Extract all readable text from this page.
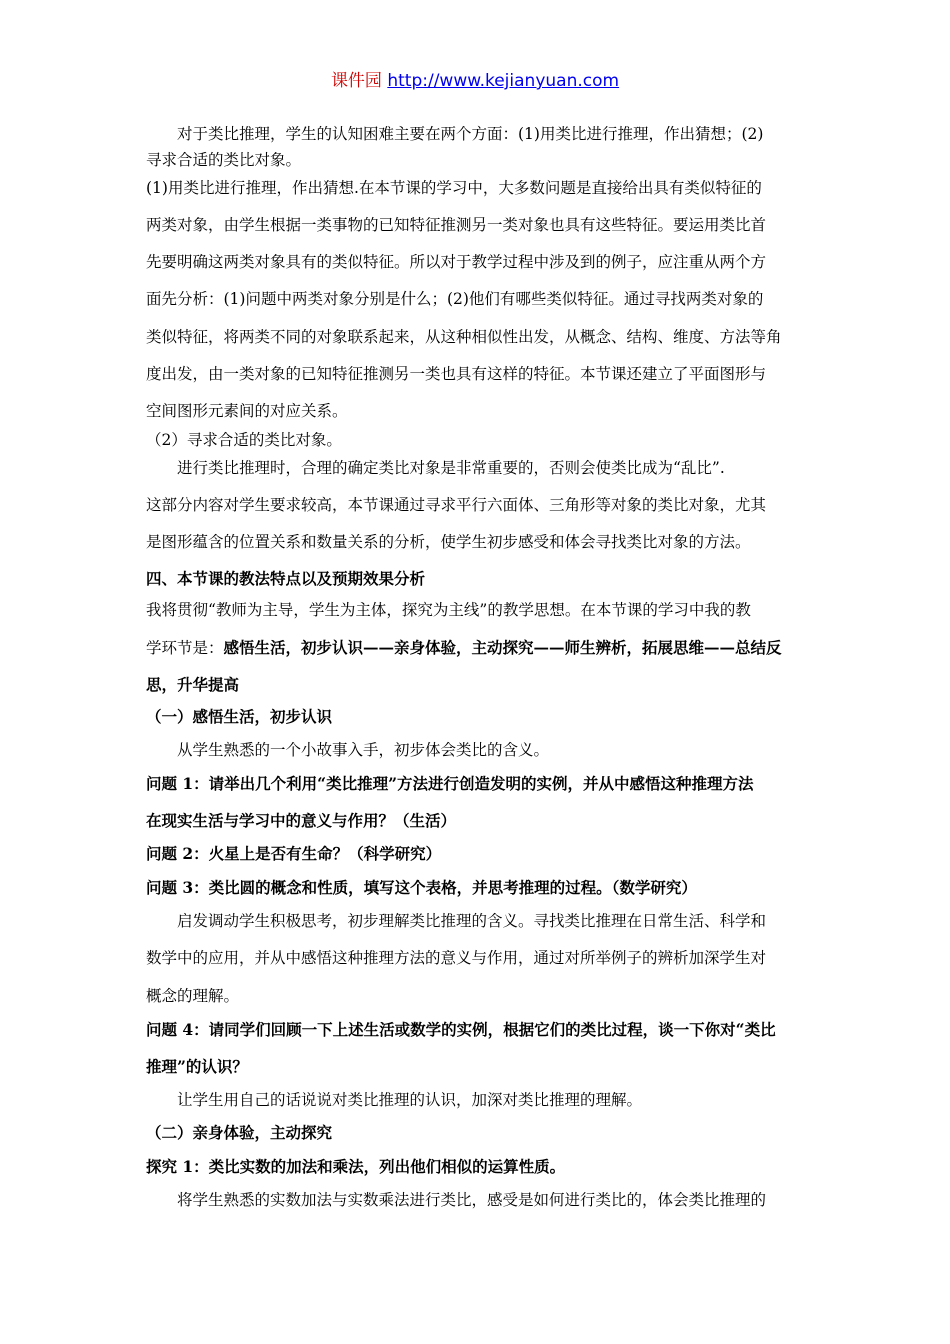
课件园 http://www.kejianyuan.com
　　对于类比推理，学生的认知困难主要在两个方面：(1)用类比进行推理，作出猜想；(2)
寻求合适的类比对象。
(1)用类比进行推理，作出猜想.在本节课的学习中，大多数问题是直接给出具有类似特征的
两类对象，由学生根据一类事物的已知特征推测另一类对象也具有这些特征。要运用类比首
先要明确这两类对象具有的类似特征。所以对于教学过程中涉及到的例子，应注重从两个方
面先分析：(1)问题中两类对象分别是什么；(2)他们有哪些类似特征。通过寻找两类对象的
类似特征，将两类不同的对象联系起来，从这种相似性出发，从概念、结构、维度、方法等角
度出发，由一类对象的已知特征推测另一类也具有这样的特征。本节课还建立了平面图形与
空间图形元素间的对应关系。
（2）寻求合适的类比对象。
　　进行类比推理时，合理的确定类比对象是非常重要的，否则会使类比成为“乱比”.
这部分内容对学生要求较高，本节课通过寻求平行六面体、三角形等对象的类比对象，尤其
是图形蕴含的位置关系和数量关系的分析，使学生初步感受和体会寻找类比对象的方法。
四、本节课的教法特点以及预期效果分析
我将贯彻“教师为主导，学生为主体，探究为主线”的教学思想。在本节课的学习中我的教
学环节是：感悟生活，初步认识——亲身体验，主动探究——师生辨析，拓展思维——总结反
思，升华提高
（一）感悟生活，初步认识
　　从学生熟悉的一个小故事入手，初步体会类比的含义。
问题 1：请举出几个利用“类比推理”方法进行创造发明的实例，并从中感悟这种推理方法
在现实生活与学习中的意义与作用？（生活）
问题 2：火星上是否有生命？（科学研究）
问题 3：类比圆的概念和性质，填写这个表格，并思考推理的过程。（数学研究）
　　启发调动学生积极思考，初步理解类比推理的含义。寻找类比推理在日常生活、科学和
数学中的应用，并从中感悟这种推理方法的意义与作用，通过对所举例子的辨析加深学生对
概念的理解。
问题 4：请同学们回顾一下上述生活或数学的实例，根据它们的类比过程，谈一下你对“类比
推理”的认识？
　　让学生用自己的话说说对类比推理的认识，加深对类比推理的理解。
（二）亲身体验，主动探究
探究 1：类比实数的加法和乘法，列出他们相似的运算性质。
　　将学生熟悉的实数加法与实数乘法进行类比，感受是如何进行类比的，体会类比推理的
